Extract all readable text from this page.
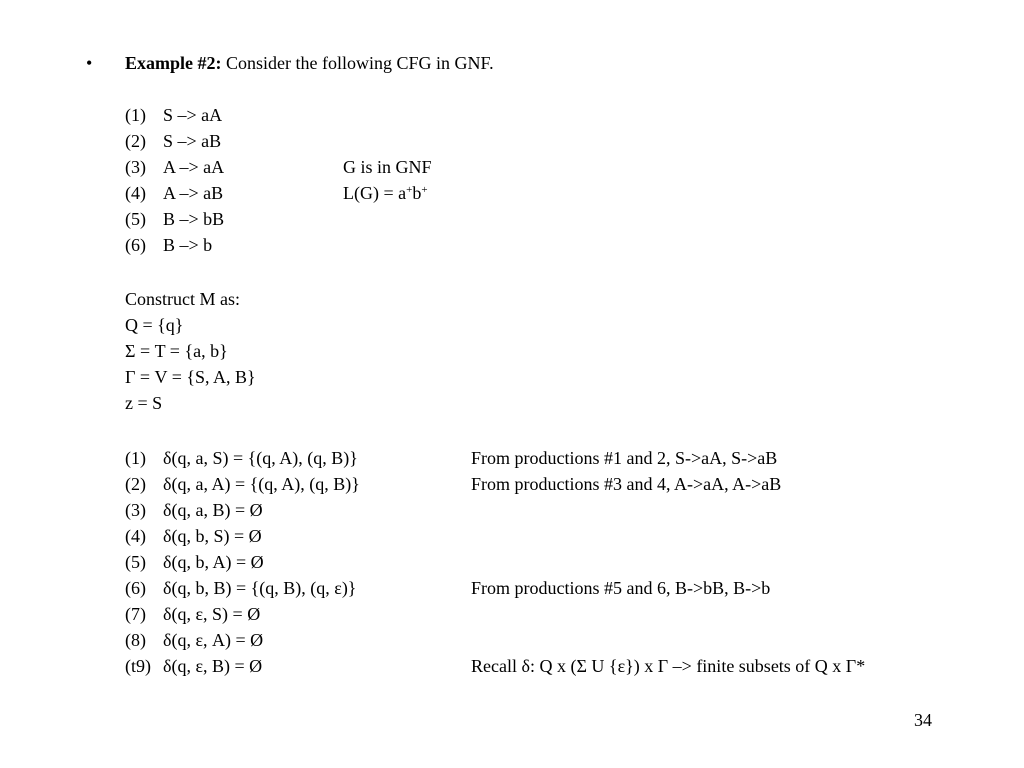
• Example #2: Consider the following CFG in GNF.
(1) S –> aA
(2) S –> aB
(3) A –> aA	G is in GNF
(4) A –> aB	L(G) = a+b+
(5) B –> bB
(6) B –> b
Construct M as:
Q = {q}
Σ = T = {a, b}
Γ = V = {S, A, B}
z = S
(1) δ(q, a, S) = {(q, A), (q, B)}	From productions #1 and 2, S->aA, S->aB
(2) δ(q, a, A) = {(q, A), (q, B)}	From productions #3 and 4, A->aA, A->aB
(3) δ(q, a, B) = Ø
(4) δ(q, b, S) = Ø
(5) δ(q, b, A) = Ø
(6) δ(q, b, B) = {(q, B), (q, ε)}	From productions #5 and 6, B->bB, B->b
(7) δ(q, ε, S) = Ø
(8) δ(q, ε, A) = Ø
(t9) δ(q, ε, B) = Ø	Recall δ: Q x (Σ U {ε}) x Γ –> finite subsets of Q x Γ*
34
